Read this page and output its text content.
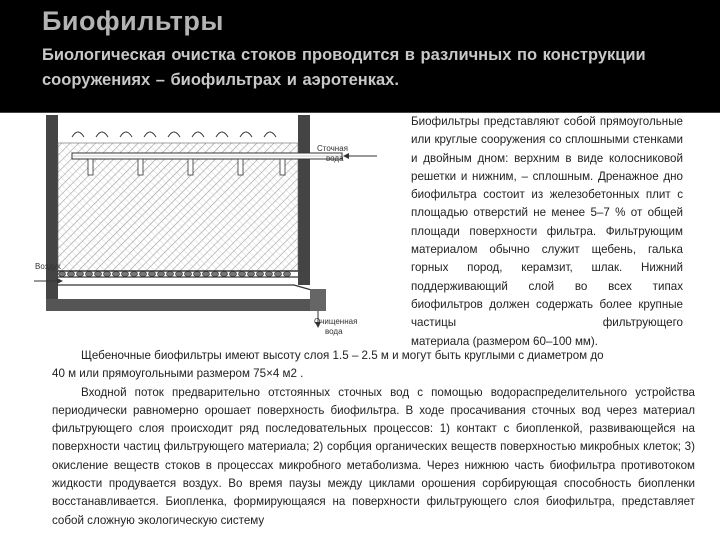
Биофильтры
Биологическая очистка стоков проводится в различных по конструкции сооружениях – биофильтрах и аэротенках.
Сточная
вода
Воздух
Очищенная
вода
Биофильтры представляют собой прямоугольные или круглые сооружения со сплошными стенками и двойным дном: верхним в виде колосниковой решетки и нижним, – сплошным. Дренажное дно биофильтра состоит из железобетонных плит с площадью отверстий не менее 5–7 % от общей площади поверхности фильтра. Фильтрующим материалом обычно служит щебень, галька горных пород, керамзит, шлак. Нижний поддерживающий слой во всех типах биофильтров должен содержать более крупные частицы фильтрующего
материала (размером 60–100 мм).

Щебеночные биофильтры имеют высоту слоя 1.5 – 2.5 м и могут быть круглыми с диаметром до

40 м или прямоугольными размером 75×4 м2 .

Входной поток предварительно отстоянных сточных вод с помощью водораспределительного устройства периодически равномерно орошает поверхность биофильтра. В ходе просачивания сточных вод через материал фильтрующего слоя происходит ряд последовательных процессов: 1) контакт с биопленкой, развивающейся на поверхности частиц фильтрующего материала; 2) сорбция органических веществ поверхностью микробных клеток; 3) окисление веществ стоков в процессах микробного метаболизма. Через нижнюю часть биофильтра противотоком жидкости продувается воздух. Во время паузы между циклами орошения сорбирующая способность биопленки восстанавливается. Биопленка, формирующаяся на поверхности фильтрующего слоя биофильтра, представляет собой сложную экологическую систему
